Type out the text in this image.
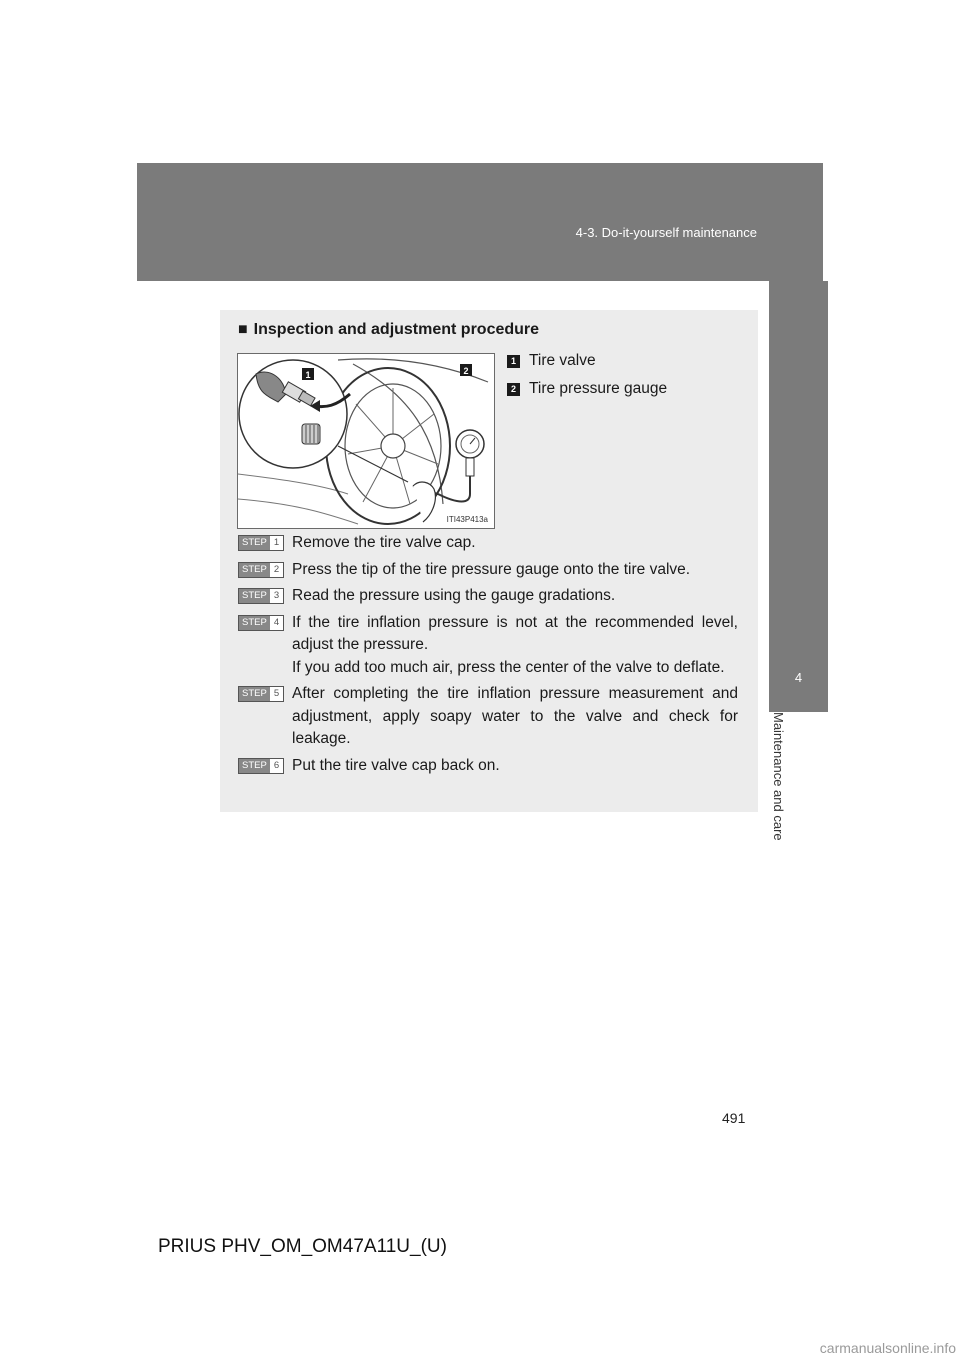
4-3. Do-it-yourself maintenance
4
Maintenance and care
■ Inspection and adjustment procedure
1	2
ITI43P413a
1 Tire valve
2 Tire pressure gauge
STEP 1 Remove the tire valve cap.
STEP 2 Press the tip of the tire pressure gauge onto the tire valve.
STEP 3 Read the pressure using the gauge gradations.
STEP 4 If the tire inflation pressure is not at the recommended level, adjust the pressure.
If you add too much air, press the center of the valve to deflate.
STEP 5 After completing the tire inflation pressure measurement and adjustment, apply soapy water to the valve and check for leakage.
STEP 6 Put the tire valve cap back on.
491
PRIUS PHV_OM_OM47A11U_(U)
carmanualsonline.info
